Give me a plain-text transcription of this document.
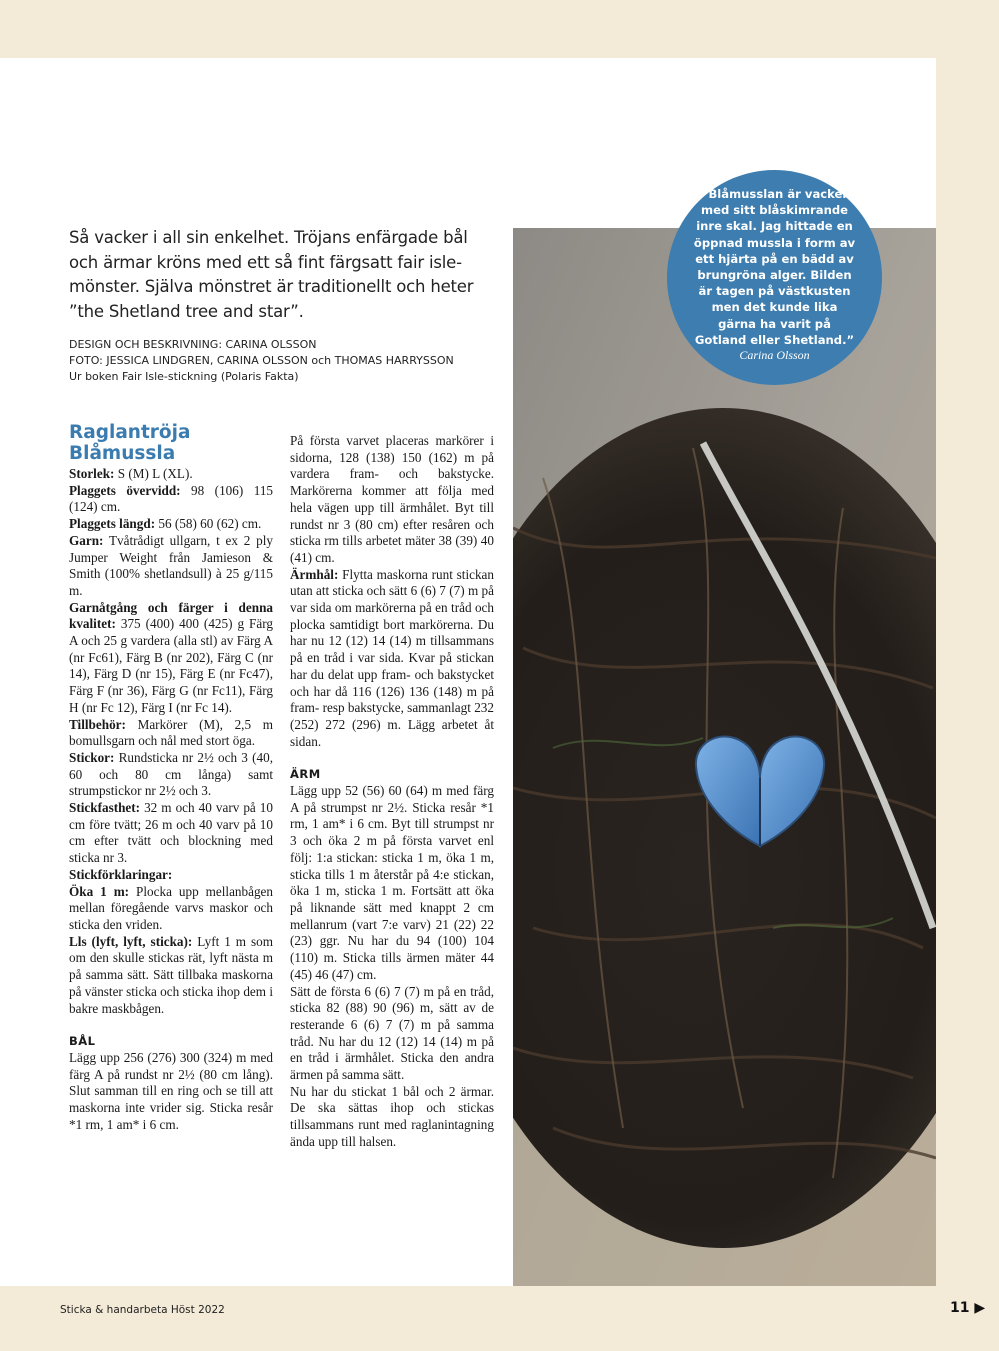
Så vacker i all sin enkelhet. Tröjans enfärgade bål och ärmar kröns med ett så fint färgsatt fair isle-mönster. Själva mönstret är traditionellt och heter ”the Shetland tree and star”.
DESIGN OCH BESKRIVNING: CARINA OLSSON
FOTO: JESSICA LINDGREN, CARINA OLSSON och THOMAS HARRYSSON
Ur boken Fair Isle-stickning (Polaris Fakta)
Raglantröja Blåmussla

Storlek: S (M) L (XL).

Plaggets övervidd: 98 (106) 115 (124) cm.

Plaggets längd: 56 (58) 60 (62) cm.

Garn: Tvåtrådigt ullgarn, t ex 2 ply Jumper Weight från Jamieson & Smith (100% shetlandsull) à 25 g/115 m.

Garnåtgång och färger i denna kvalitet: 375 (400) 400 (425) g Färg A och 25 g vardera (alla stl) av Färg A (nr Fc61), Färg B (nr 202), Färg C (nr 14), Färg D (nr 15), Färg E (nr Fc47), Färg F (nr 36), Färg G (nr Fc11), Färg H (nr Fc 12), Färg I (nr Fc 14).

Tillbehör: Markörer (M), 2,5 m bomullsgarn och nål med stort öga.

Stickor: Rundsticka nr 2½ och 3 (40, 60 och 80 cm långa) samt strumpstickor nr 2½ och 3.

Stickfasthet: 32 m och 40 varv på 10 cm före tvätt; 26 m och 40 varv på 10 cm efter tvätt och blockning med sticka nr 3.

Stickförklaringar:

Öka 1 m: Plocka upp mellanbågen mellan föregående varvs maskor och sticka den vriden.

Lls (lyft, lyft, sticka): Lyft 1 m som om den skulle stickas rät, lyft nästa m på samma sätt. Sätt tillbaka maskorna på vänster sticka och sticka ihop dem i bakre maskbågen.

BÅL

Lägg upp 256 (276) 300 (324) m med färg A på rundst nr 2½ (80 cm lång). Slut samman till en ring och se till att maskorna inte vrider sig. Sticka resår *1 rm, 1 am* i 6 cm.

På första varvet placeras markörer i sidorna, 128 (138) 150 (162) m på vardera fram- och bakstycke. Markörerna kommer att följa med hela vägen upp till ärmhålet. Byt till rundst nr 3 (80 cm) efter resåren och sticka rm tills arbetet mäter 38 (39) 40 (41) cm.

Ärmhål: Flytta maskorna runt stickan utan att sticka och sätt 6 (6) 7 (7) m på var sida om markörerna på en tråd och plocka samtidigt bort markörerna. Du har nu 12 (12) 14 (14) m tillsammans på en tråd i var sida. Kvar på stickan har du delat upp fram- och bakstycket och har då 116 (126) 136 (148) m på fram- resp bakstycke, sammanlagt 232 (252) 272 (296) m. Lägg arbetet åt sidan.

ÄRM

Lägg upp 52 (56) 60 (64) m med färg A på strumpst nr 2½. Sticka resår *1 rm, 1 am* i 6 cm. Byt till strumpst nr 3 och öka 2 m på första varvet enl följ: 1:a stickan: sticka 1 m, öka 1 m, sticka tills 1 m återstår på 4:e stickan, öka 1 m, sticka 1 m. Fortsätt att öka på liknande sätt med knappt 2 cm mellanrum (vart 7:e varv) 21 (22) 22 (23) ggr. Nu har du 94 (100) 104 (110) m. Sticka tills ärmen mäter 44 (45) 46 (47) cm.

Sätt de första 6 (6) 7 (7) m på en tråd, sticka 82 (88) 90 (96) m, sätt av de resterande 6 (6) 7 (7) m på samma tråd. Nu har du 12 (12) 14 (14) m på en tråd i ärmhålet. Sticka den andra ärmen på samma sätt.

Nu har du stickat 1 bål och 2 ärmar. De ska sättas ihop och stickas tillsammans runt med raglanintagning ända upp till halsen.

”Blåmusslan är vacker med sitt blåskimrande inre skal. Jag hittade en öppnad mussla i form av ett hjärta på en bädd av brungröna alger. Bilden är tagen på västkusten men det kunde lika gärna ha varit på Gotland eller Shetland.”
Carina Olsson
Sticka & handarbeta Höst 2022	11 ▶
